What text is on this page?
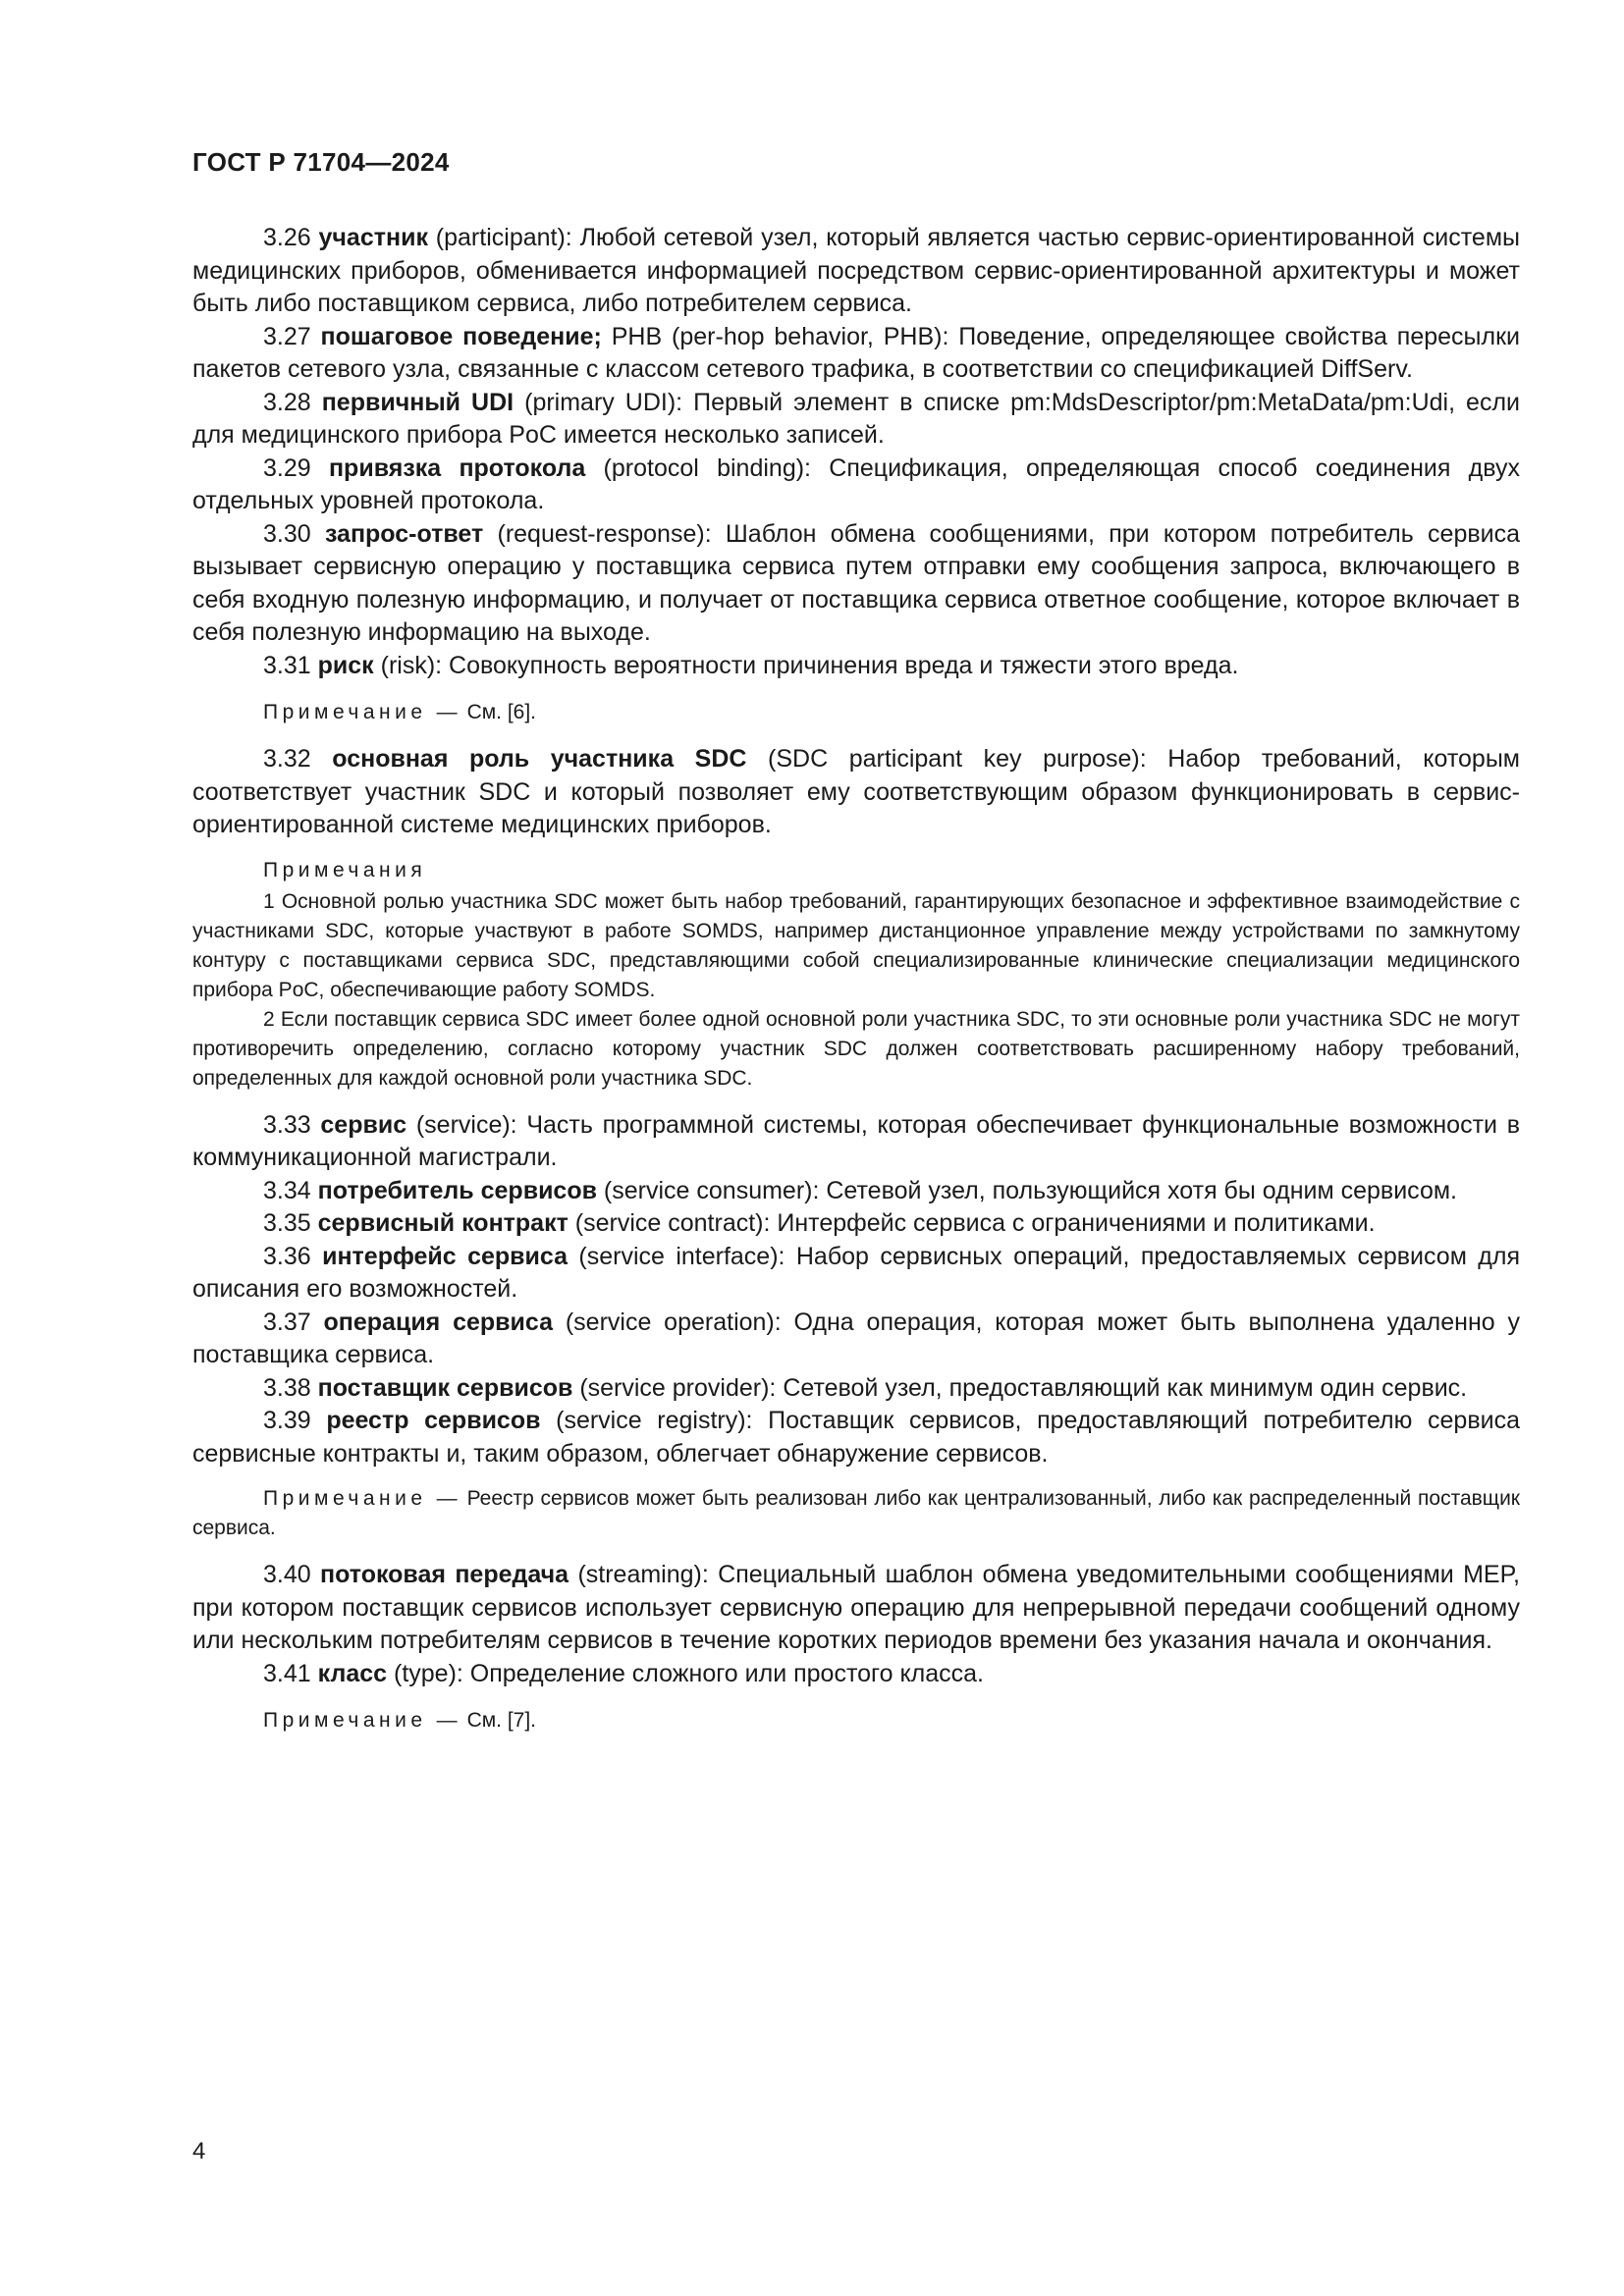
ГОСТ Р 71704—2024

3.26 участник (participant): Любой сетевой узел, который является частью сервис-ориентированной системы медицинских приборов, обменивается информацией посредством сервис-ориентированной архитектуры и может быть либо поставщиком сервиса, либо потребителем сервиса.

3.27 пошаговое поведение; PHB (per-hop behavior, PHB): Поведение, определяющее свойства пересылки пакетов сетевого узла, связанные с классом сетевого трафика, в соответствии со спецификацией DiffServ.

3.28 первичный UDI (primary UDI): Первый элемент в списке pm:MdsDescriptor/pm:MetaData/pm:Udi, если для медицинского прибора PoC имеется несколько записей.

3.29 привязка протокола (protocol binding): Спецификация, определяющая способ соединения двух отдельных уровней протокола.

3.30 запрос-ответ (request-response): Шаблон обмена сообщениями, при котором потребитель сервиса вызывает сервисную операцию у поставщика сервиса путем отправки ему сообщения запроса, включающего в себя входную полезную информацию, и получает от поставщика сервиса ответное сообщение, которое включает в себя полезную информацию на выходе.

3.31 риск (risk): Совокупность вероятности причинения вреда и тяжести этого вреда.

Примечание — См. [6].

3.32 основная роль участника SDC (SDC participant key purpose): Набор требований, которым соответствует участник SDC и который позволяет ему соответствующим образом функционировать в сервис-ориентированной системе медицинских приборов.

Примечания

1 Основной ролью участника SDC может быть набор требований, гарантирующих безопасное и эффективное взаимодействие с участниками SDC, которые участвуют в работе SOMDS, например дистанционное управление между устройствами по замкнутому контуру с поставщиками сервиса SDC, представляющими собой специализированные клинические специализации медицинского прибора PoC, обеспечивающие работу SOMDS.

2 Если поставщик сервиса SDC имеет более одной основной роли участника SDC, то эти основные роли участника SDC не могут противоречить определению, согласно которому участник SDC должен соответствовать расширенному набору требований, определенных для каждой основной роли участника SDC.

3.33 сервис (service): Часть программной системы, которая обеспечивает функциональные возможности в коммуникационной магистрали.

3.34 потребитель сервисов (service consumer): Сетевой узел, пользующийся хотя бы одним сервисом.

3.35 сервисный контракт (service contract): Интерфейс сервиса с ограничениями и политиками.

3.36 интерфейс сервиса (service interface): Набор сервисных операций, предоставляемых сервисом для описания его возможностей.

3.37 операция сервиса (service operation): Одна операция, которая может быть выполнена удаленно у поставщика сервиса.

3.38 поставщик сервисов (service provider): Сетевой узел, предоставляющий как минимум один сервис.

3.39 реестр сервисов (service registry): Поставщик сервисов, предоставляющий потребителю сервиса сервисные контракты и, таким образом, облегчает обнаружение сервисов.

Примечание — Реестр сервисов может быть реализован либо как централизованный, либо как распределенный поставщик сервиса.

3.40 потоковая передача (streaming): Специальный шаблон обмена уведомительными сообщениями MEP, при котором поставщик сервисов использует сервисную операцию для непрерывной передачи сообщений одному или нескольким потребителям сервисов в течение коротких периодов времени без указания начала и окончания.

3.41 класс (type): Определение сложного или простого класса.

Примечание — См. [7].
4
